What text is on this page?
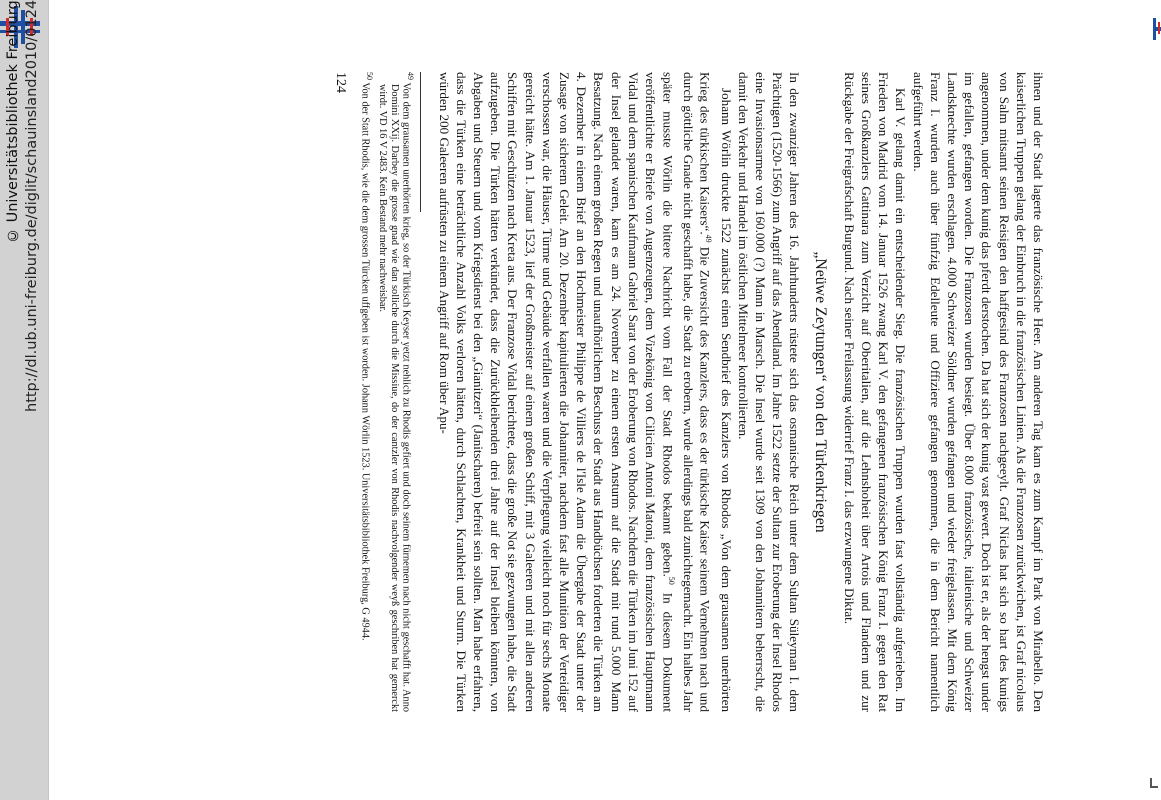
http://dl.ub.uni-freiburg.de/diglit/schauinsland2010/0124
© Universitätsbibliothek Freiburg	ihnen und der Stadt lagerte das französische Heer. Am anderen Tag kam es zum Kampf im Park von Mirabello. Den kaiserlichen Truppen gelang der Einbruch in die französischen Linien. Als die Franzosen zurückwichen, ist Graf nicolaus von Salm mitsamt seinen Reisigen den haffgesind des Franzosen nachgeeylt. Graf Niclas hat sich so hart des kunigs angenommen, under dem kunig das pferdt derstochen. Da hat sich der kunig vast gewert. Doch ist er, als der hengst under im gefallen, gefangen worden. Die Franzosen wurden besiegt. Über 8.000 französische, italienische und Schweizer Landsknechte wurden erschlagen. 4.000 Schweizer Söldner wurden gefangen und wieder freigelassen. Mit dem König Franz I. wurden auch über fünfzig Edelleute und Offiziere gefangen genommen, die in dem Bericht namentlich aufgeführt werden.

Karl V. gelang damit ein entscheidender Sieg. Die französischen Truppen wurden fast vollständig aufgerieben. Im Frieden von Madrid vom 14. Januar 1526 zwang Karl V. den gefangenen französischen König Franz I. gegen den Rat seines Großkanzlers Gattinara zum Verzicht auf Oberitalien, auf die Lehnshoheit über Artois und Flandern und zur Rückgabe der Freigrafschaft Burgund. Nach seiner Freilassung widerrief Franz I. das erzwungene Diktat.

„Neüwe Zeytungen“ von den Türkenkriegen

In den zwanziger Jahren des 16. Jahrhunderts rüstete sich das osmanische Reich unter dem Sultan Süleyman I. dem Prächtigen (1520-1566) zum Angriff auf das Abendland. Im Jahre 1522 setzte der Sultan zur Eroberung der Insel Rhodos eine Invasionsarmee von 160.000 (?) Mann in Marsch. Die Insel wurde seit 1309 von den Johannitern beherrscht, die damit den Verkehr und Handel im östlichen Mittelmeer kontrollierten.

Johann Wörlin druckte 1522 zunächst einen Sendbrief des Kanzlers von Rhodos „Von dem grausamen unerhörten Krieg des türkischen Kaisers“.$^{49}$ Die Zuversicht des Kanzlers, dass es der türkische Kaiser seinem Vernehmen nach und durch göttliche Gnade nicht geschafft habe, die Stadt zu erobern, wurde allerdings bald zunichtegemacht. Ein halbes Jahr später musste Wörlin die bittere Nachricht vom Fall der Stadt Rhodos bekannt geben.$^{50}$ In diesem Dokument veröffentlichte er Briefe von Augenzeugen, dem Vizekönig von Cilicien Antoni Matoni, dem französischen Hauptmann Vidal und dem spanischen Kaufmann Gabriel Sarat von der Eroberung von Rhodos. Nachdem die Türken im Juni 152 auf der Insel gelandet waren, kam es am 24. November zu einem ersten Ansturm auf die Stadt mit rund 5.000 Mann Besatzung. Nach einem großen Regen und unaufhörlichem Beschuss der Stadt aus Handbüchsen forderten die Türken am 4. Dezember in einem Brief an den Hochmeister Philippe de Villiers de l'Isle Adam die Übergabe der Stadt unter der Zusage von sicherem Geleit. Am 20. Dezember kapitulierten die Johanniter, nachdem fast alle Munition der Verteidiger verschossen war, die Häuser, Türme und Gebäude verfallen waren und die Verpflegung vielleicht noch für sechs Monate gereicht hätte. Am 1. Januar 1523, lief der Großmeister auf einem großen Schiff, mit 3 Galeeren und mit allen anderen Schiffen mit Geschützen nach Kreta aus. Der Franzose Vidal berichtete, dass die große Not sie gezwungen habe, die Stadt aufzugeben. Die Türken hätten verkündet, dass die Zurückbleibenden drei Jahre auf der Insel bleiben könnten, von Abgaben und Steuern und vom Kriegsdienst bei den „Gianitzeri“ (Janitscharen) befreit sein sollten. Man habe erfahren, dass die Türken eine beträchtliche Anzahl Volks verloren hätten, durch Schlachten, Krankheit und Sturm. Die Türken würden 200 Galeeren aufrüsten zu einem Angriff auf Rom über Apu-

$^{49}$ Von dem grausamen unerhörten krieg, so der Türkisch Keyser yetzt nehlich zu Rhodis gefiert und doch seinem fürnemen nach nicht geschafft hat. Anno Domini XXij. Darbey die grosse gnad wie dan solliche durch die Missiue, do der cantzler von Rhodis nachvolgender weyß geschriben hat gemerckt wirdt. VD 16 V 2483. Kein Bestand mehr nachweisbar.

$^{50}$ Von der Statt Rhodis, wie die dem grossen Türcken uffgeben ist worden. Johann Wörlin 1523. Universitätsbibliothek Freiburg, G 4944.

124
